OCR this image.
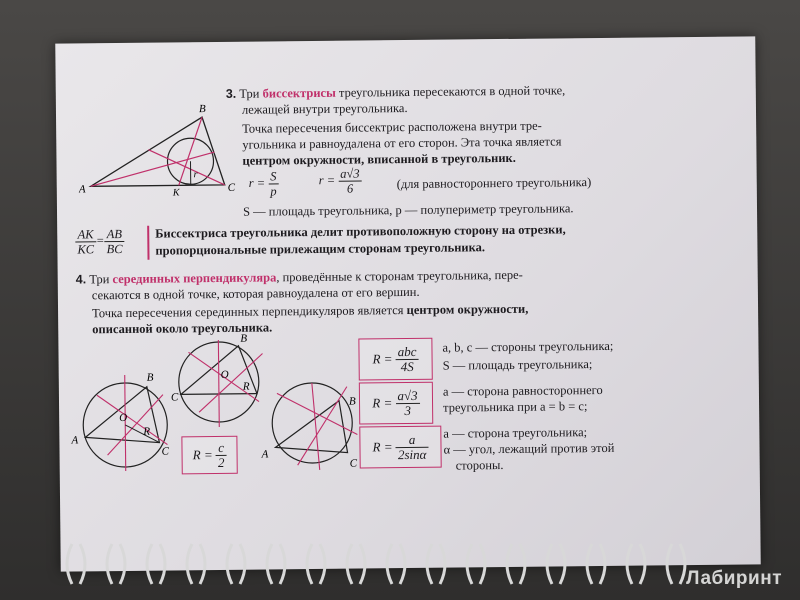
A
B
C
K
r
3. Три биссектрисы треугольника пересекаются в одной точке,
лежащей внутри треугольника.
Точка пересечения биссектрис расположена внутри тре-
угольника и равноудалена от его сторон. Эта точка является
центром окружности, вписанной в треугольник.
$r = \frac{S}{p}$	$r = \frac{a√3}{6}$	(для равностороннего треугольника)
S — площадь треугольника, p — полупериметр треугольника.
$\frac{AK}{KC} = \frac{AB}{BC}$ Биссектриса треугольника делит противоположную сторону на отрезки,
пропорциональные прилежащим сторонам треугольника.
4. Три серединных перпендикуляра, проведённые к сторонам треугольника, пере-
секаются в одной точке, которая равноудалена от его вершин.
Точка пересечения серединных перпендикуляров является центром окружности,
описанной около треугольника.
A
B
C
O
R
B
C
O
R
A
B
C
R =
$\frac{\text{abc}}{4S}$
R =
$\frac{a√3}{3}$
R =
$\frac{a}{2\sin\alpha}$
R =
$\frac{c}{2}$
a, b, c — стороны треугольника;
S — площадь треугольника;
a — сторона равностороннего
треугольника при a = b = c;
a — сторона треугольника;
α — угол, лежащий против этой
стороны.
Лабиринт
